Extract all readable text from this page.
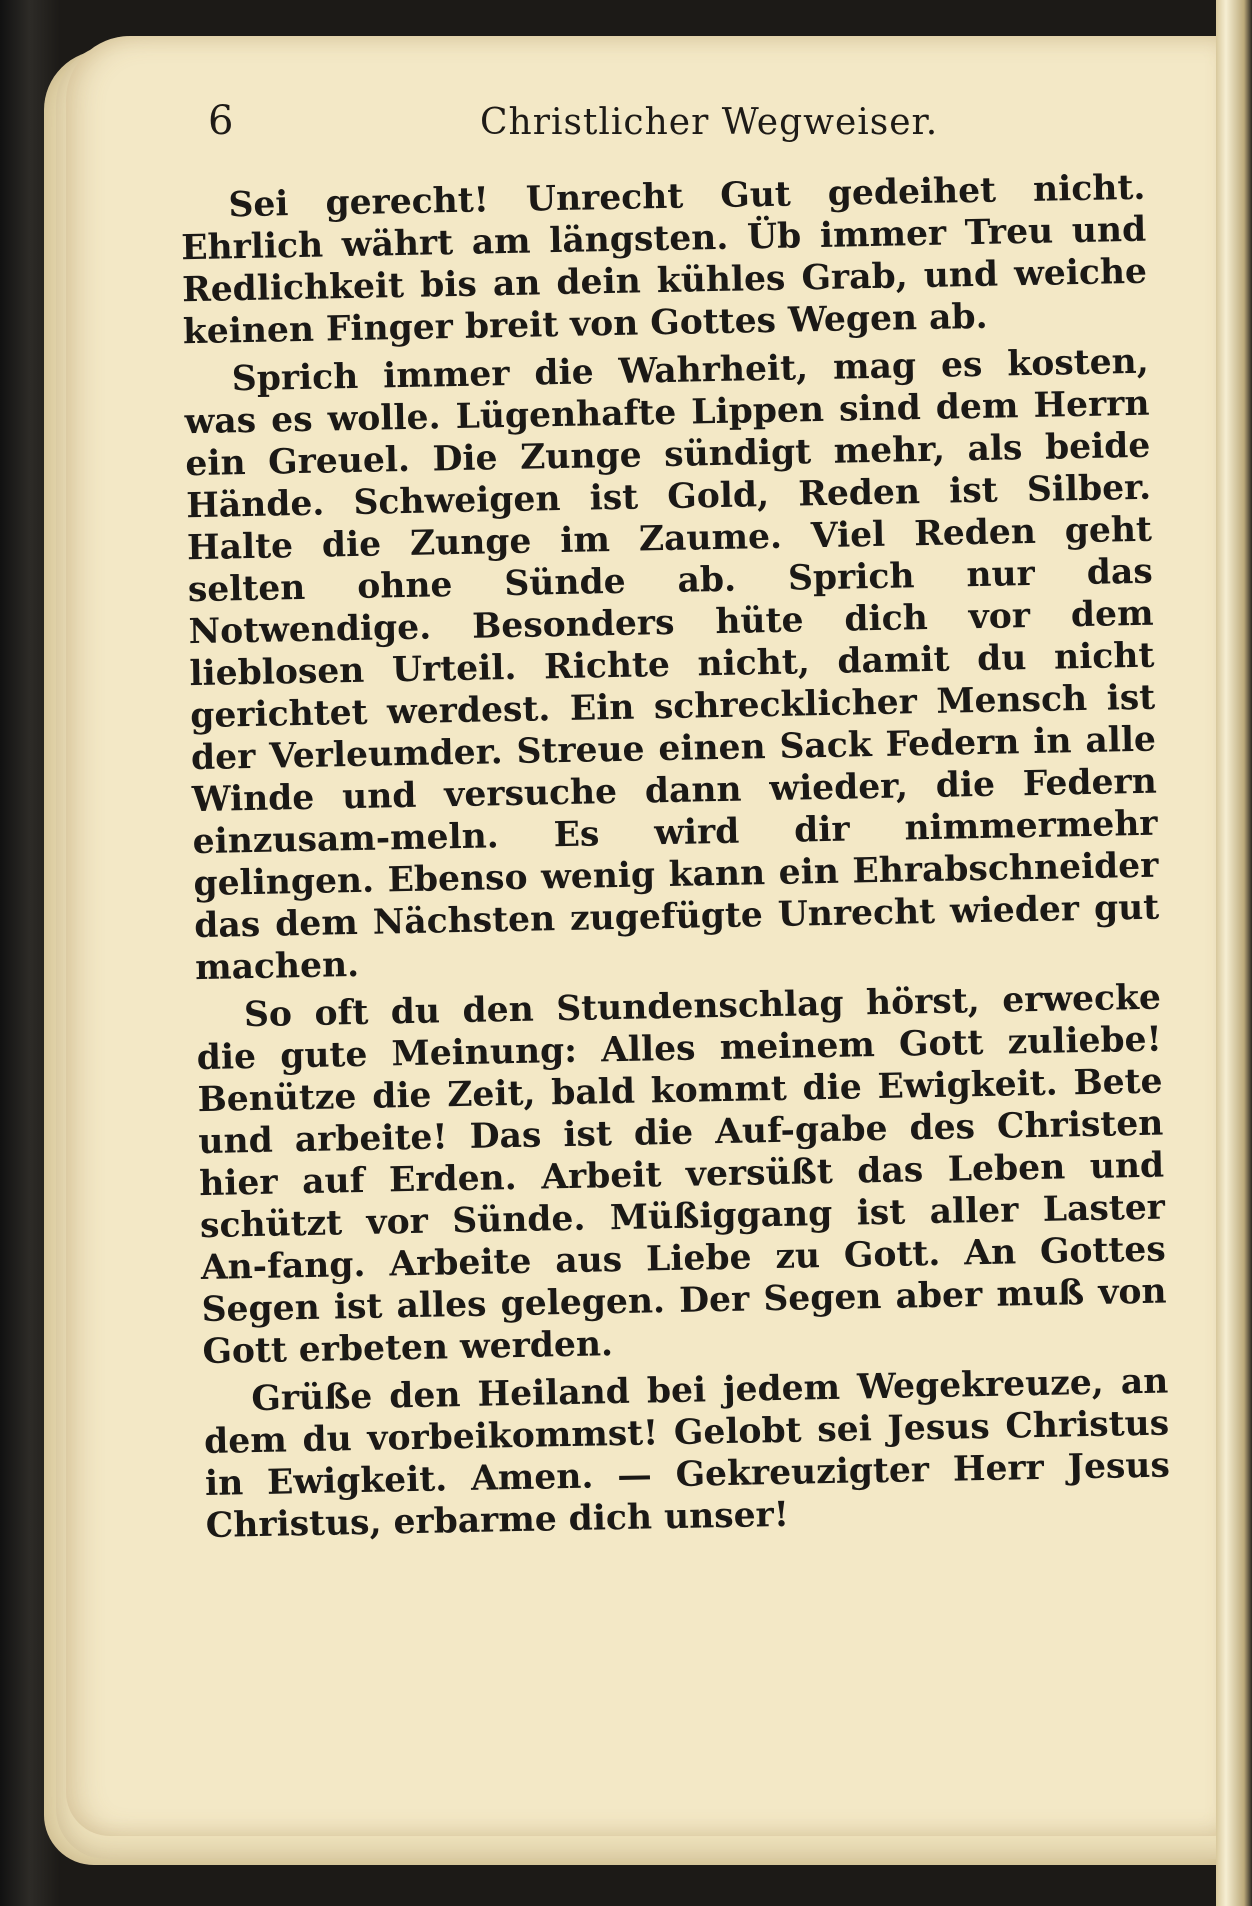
6	Christlicher Wegweiser.

Sei gerecht! Unrecht Gut gedeihet nicht. Ehrlich währt am längsten. Üb immer Treu und Redlichkeit bis an dein kühles Grab, und weiche keinen Finger breit von Gottes Wegen ab.

Sprich immer die Wahrheit, mag es kosten, was es wolle. Lügenhafte Lippen sind dem Herrn ein Greuel. Die Zunge sündigt mehr, als beide Hände. Schweigen ist Gold, Reden ist Silber. Halte die Zunge im Zaume. Viel Reden geht selten ohne Sünde ab. Sprich nur das Notwendige. Besonders hüte dich vor dem lieblosen Urteil. Richte nicht, damit du nicht gerichtet werdest. Ein schrecklicher Mensch ist der Verleumder. Streue einen Sack Federn in alle Winde und versuche dann wieder, die Federn einzusam-meln. Es wird dir nimmermehr gelingen. Ebenso wenig kann ein Ehrabschneider das dem Nächsten zugefügte Unrecht wieder gut machen.

So oft du den Stundenschlag hörst, erwecke die gute Meinung: Alles meinem Gott zuliebe! Benütze die Zeit, bald kommt die Ewigkeit. Bete und arbeite! Das ist die Auf-gabe des Christen hier auf Erden. Arbeit versüßt das Leben und schützt vor Sünde. Müßiggang ist aller Laster An-fang. Arbeite aus Liebe zu Gott. An Gottes Segen ist alles gelegen. Der Segen aber muß von Gott erbeten werden.

Grüße den Heiland bei jedem Wegekreuze, an dem du vorbeikommst! Gelobt sei Jesus Christus in Ewigkeit. Amen. — Gekreuzigter Herr Jesus Christus, erbarme dich unser!
